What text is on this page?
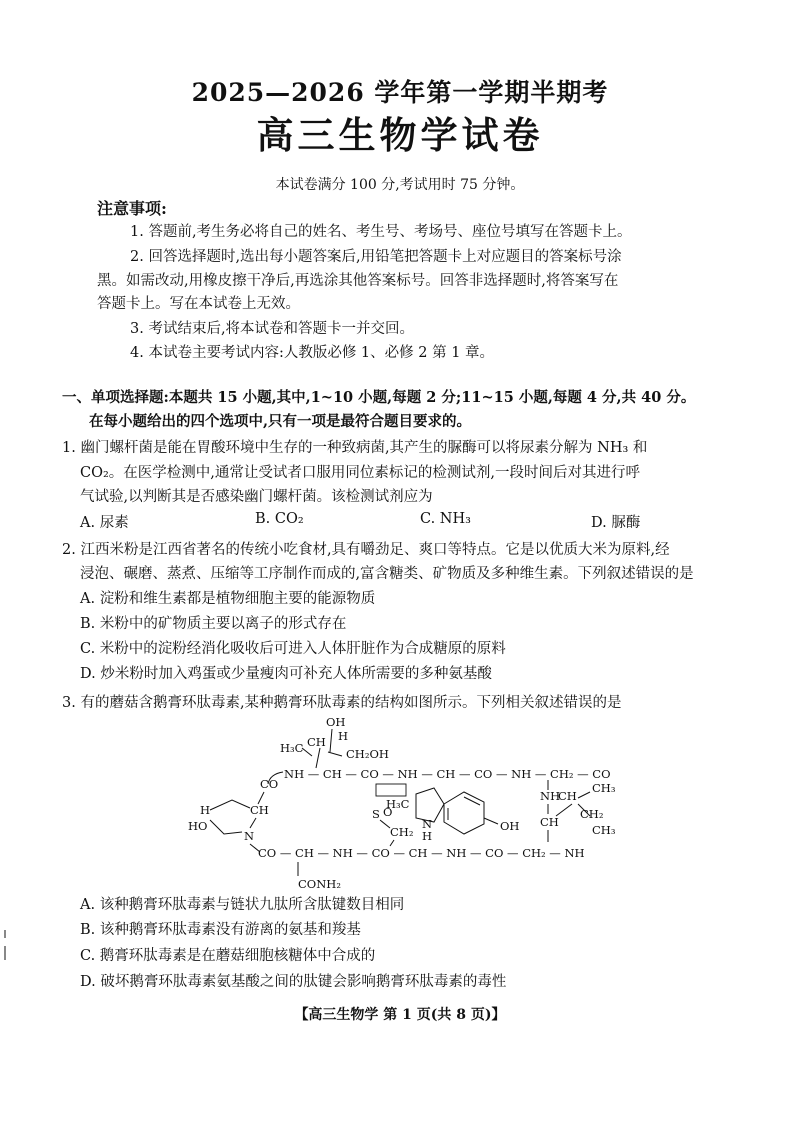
2025—2026 学年第一学期半期考
高三生物学试卷
本试卷满分 100 分,考试用时 75 分钟。
注意事项:
1. 答题前,考生务必将自己的姓名、考生号、考场号、座位号填写在答题卡上。
2. 回答选择题时,选出每小题答案后,用铅笔把答题卡上对应题目的答案标号涂
黑。如需改动,用橡皮擦干净后,再选涂其他答案标号。回答非选择题时,将答案写在
答题卡上。写在本试卷上无效。
3. 考试结束后,将本试卷和答题卡一并交回。
4. 本试卷主要考试内容:人教版必修 1、必修 2 第 1 章。
一、单项选择题:本题共 15 小题,其中,1~10 小题,每题 2 分;11~15 小题,每题 4 分,共 40 分。
在每小题给出的四个选项中,只有一项是最符合题目要求的。
1. 幽门螺杆菌是能在胃酸环境中生存的一种致病菌,其产生的脲酶可以将尿素分解为 NH₃ 和
CO₂。在医学检测中,通常让受试者口服用同位素标记的检测试剂,一段时间后对其进行呼
气试验,以判断其是否感染幽门螺杆菌。该检测试剂应为
A. 尿素	B. CO₂	C. NH₃	D. 脲酶
2. 江西米粉是江西省著名的传统小吃食材,具有嚼劲足、爽口等特点。它是以优质大米为原料,经
浸泡、碾磨、蒸煮、压缩等工序制作而成的,富含糖类、矿物质及多种维生素。下列叙述错误的是
A. 淀粉和维生素都是植物细胞主要的能源物质
B. 米粉中的矿物质主要以离子的形式存在
C. 米粉中的淀粉经消化吸收后可进入人体肝脏作为合成糖原的原料
D. 炒米粉时加入鸡蛋或少量瘦肉可补充人体所需要的多种氨基酸
3. 有的蘑菇含鹅膏环肽毒素,某种鹅膏环肽毒素的结构如图所示。下列相关叙述错误的是
OH
H
H₃C CH
CH₂OH
NH — CH — CO — NH — CH — CO — NH — CH₂ — CO
CO
CH
H
HO
N
H₃C
OH
S O
CH₂
N
H
NH
CH
CH₃
CH₂
CH₃
CH
CO — CH — NH — CO — CH — NH — CO — CH₂ — NH
CONH₂
A. 该种鹅膏环肽毒素与链状九肽所含肽键数目相同
B. 该种鹅膏环肽毒素没有游离的氨基和羧基
C. 鹅膏环肽毒素是在蘑菇细胞核糖体中合成的
D. 破坏鹅膏环肽毒素氨基酸之间的肽键会影响鹅膏环肽毒素的毒性
【高三生物学 第 1 页(共 8 页)】
